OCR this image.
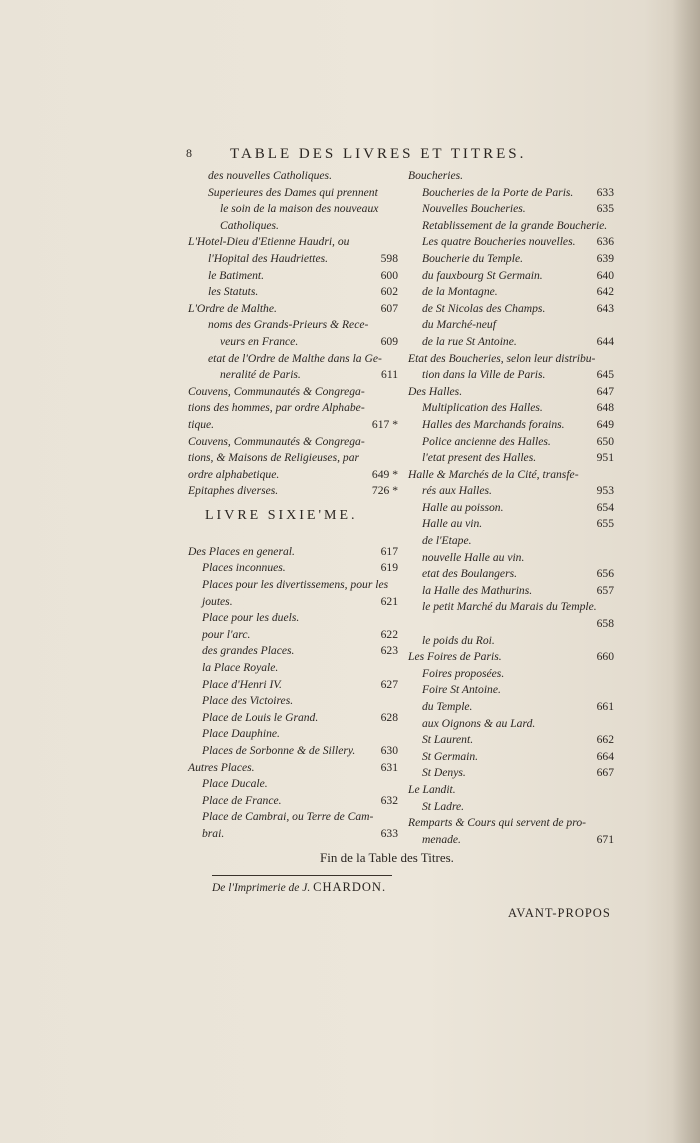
8	TABLE DES LIVRES ET TITRES.
des nouvelles Catholiques.
Superieures des Dames qui prennent
le soin de la maison des nouveaux
Catholiques.
L'Hotel-Dieu d'Etienne Haudri, ou
l'Hopital des Haudriettes.	598
le Batiment.	600
les Statuts.	602
L'Ordre de Malthe.	607
noms des Grands-Prieurs & Rece-
veurs en France.	609
etat de l'Ordre de Malthe dans la Ge-
neralité de Paris.	611
Couvens, Communautés & Congrega-
tions des hommes, par ordre Alphabe-
tique.	617 *
Couvens, Communautés & Congrega-
tions, & Maisons de Religieuses, par
ordre alphabetique.	649 *
Epitaphes diverses.	726 *
Des Places en general.	617
Places inconnues.	619
Places pour les divertissemens, pour les
joutes.	621
Place pour les duels.
pour l'arc.	622
des grandes Places.	623
la Place Royale.
Place d'Henri IV.	627
Place des Victoires.
Place de Louis le Grand.	628
Place Dauphine.
Places de Sorbonne & de Sillery. 630
Autres Places.	631
Place Ducale.
Place de France.	632
Place de Cambrai, ou Terre de Cam-
brai.	633
LIVRE SIXIE'ME.
Boucheries.
Boucheries de la Porte de Paris. 633
Nouvelles Boucheries.	635
Retablissement de la grande Boucherie.
Les quatre Boucheries nouvelles. 636
Boucherie du Temple.	639
du fauxbourg St Germain.	640
de la Montagne.	642
de St Nicolas des Champs.	643
du Marché-neuf
de la rue St Antoine.	644
Etat des Boucheries, selon leur distribu-
tion dans la Ville de Paris.	645
Des Halles.	647
Multiplication des Halles.	648
Halles des Marchands forains.	649
Police ancienne des Halles.	650
l'etat present des Halles.	951
Halle & Marchés de la Cité, transfe-
rés aux Halles.	953
Halle au poisson.	654
Halle au vin.	655
de l'Etape.
nouvelle Halle au vin.
etat des Boulangers.	656
la Halle des Mathurins.	657
le petit Marché du Marais du Temple.
658
le poids du Roi.
Les Foires de Paris.	660
Foires proposées.
Foire St Antoine.
du Temple.	661
aux Oignons & au Lard.
St Laurent.	662
St Germain.	664
St Denys.	667
Le Landit.
St Ladre.
Remparts & Cours qui servent de pro-
menade.	671
Fin de la Table des Titres.
De l'Imprimerie de J. CHARDON.
AVANT-PROPOS
